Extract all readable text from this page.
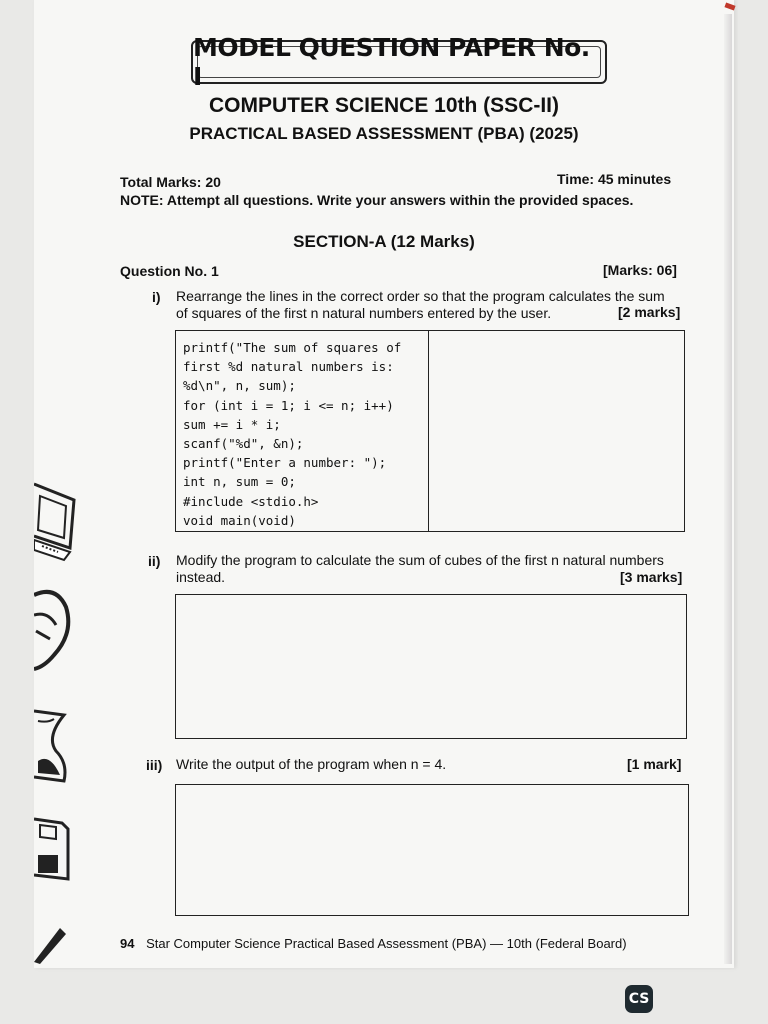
MODEL QUESTION PAPER No. I
COMPUTER SCIENCE 10th (SSC-II)
PRACTICAL BASED ASSESSMENT (PBA) (2025)
Total Marks: 20	Time: 45 minutes
NOTE: Attempt all questions. Write your answers within the provided spaces.
SECTION-A (12 Marks)
Question No. 1	[Marks: 06]
i) Rearrange the lines in the correct order so that the program calculates the sum
of squares of the first n natural numbers entered by the user.	[2 marks]
printf("The sum of squares of
first %d natural numbers is:
%d\n", n, sum);
for (int i = 1; i <= n; i++)
sum += i * i;
scanf("%d", &n);
printf("Enter a number: ");
int n, sum = 0;
#include <stdio.h>
void main(void)
ii) Modify the program to calculate the sum of cubes of the first n natural numbers
instead.	[3 marks]
iii) Write the output of the program when n = 4.	[1 mark]
94 Star Computer Science Practical Based Assessment (PBA) — 10th (Federal Board)
CS
